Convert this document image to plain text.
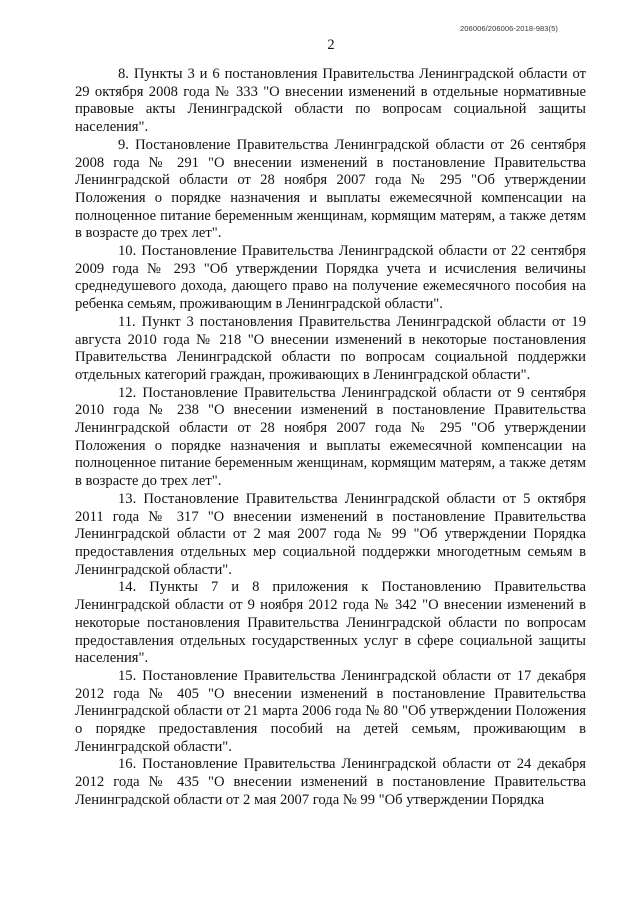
206006/206006-2018-983(5)
2

8. Пункты 3 и 6 постановления Правительства Ленинградской области от 29 октября 2008 года № 333 "О внесении изменений в отдельные нормативные правовые акты Ленинградской области по вопросам социальной защиты населения".

9. Постановление Правительства Ленинградской области от 26 сентября 2008 года № 291 "О внесении изменений в постановление Правительства Ленинградской области от 28 ноября 2007 года № 295 "Об утверждении Положения о порядке назначения и выплаты ежемесячной компенсации на полноценное питание беременным женщинам, кормящим матерям, а также детям в возрасте до трех лет".

10. Постановление Правительства Ленинградской области от 22 сентября 2009 года № 293 "Об утверждении Порядка учета и исчисления величины среднедушевого дохода, дающего право на получение ежемесячного пособия на ребенка семьям, проживающим в Ленинградской области".

11. Пункт 3 постановления Правительства Ленинградской области от 19 августа 2010 года № 218 "О внесении изменений в некоторые постановления Правительства Ленинградской области по вопросам социальной поддержки отдельных категорий граждан, проживающих в Ленинградской области".

12. Постановление Правительства Ленинградской области от 9 сентября 2010 года № 238 "О внесении изменений в постановление Правительства Ленинградской области от 28 ноября 2007 года № 295 "Об утверждении Положения о порядке назначения и выплаты ежемесячной компенсации на полноценное питание беременным женщинам, кормящим матерям, а также детям в возрасте до трех лет".

13. Постановление Правительства Ленинградской области от 5 октября 2011 года № 317 "О внесении изменений в постановление Правительства Ленинградской области от 2 мая 2007 года № 99 "Об утверждении Порядка предоставления отдельных мер социальной поддержки многодетным семьям в Ленинградской области".

14. Пункты 7 и 8 приложения к Постановлению Правительства Ленинградской области от 9 ноября 2012 года № 342 "О внесении изменений в некоторые постановления Правительства Ленинградской области по вопросам предоставления отдельных государственных услуг в сфере социальной защиты населения".

15. Постановление Правительства Ленинградской области от 17 декабря 2012 года № 405 "О внесении изменений в постановление Правительства Ленинградской области от 21 марта 2006 года № 80 "Об утверждении Положения о порядке предоставления пособий на детей семьям, проживающим в Ленинградской области".

16. Постановление Правительства Ленинградской области от 24 декабря 2012 года № 435 "О внесении изменений в постановление Правительства Ленинградской области от 2 мая 2007 года № 99 "Об утверждении Порядка
